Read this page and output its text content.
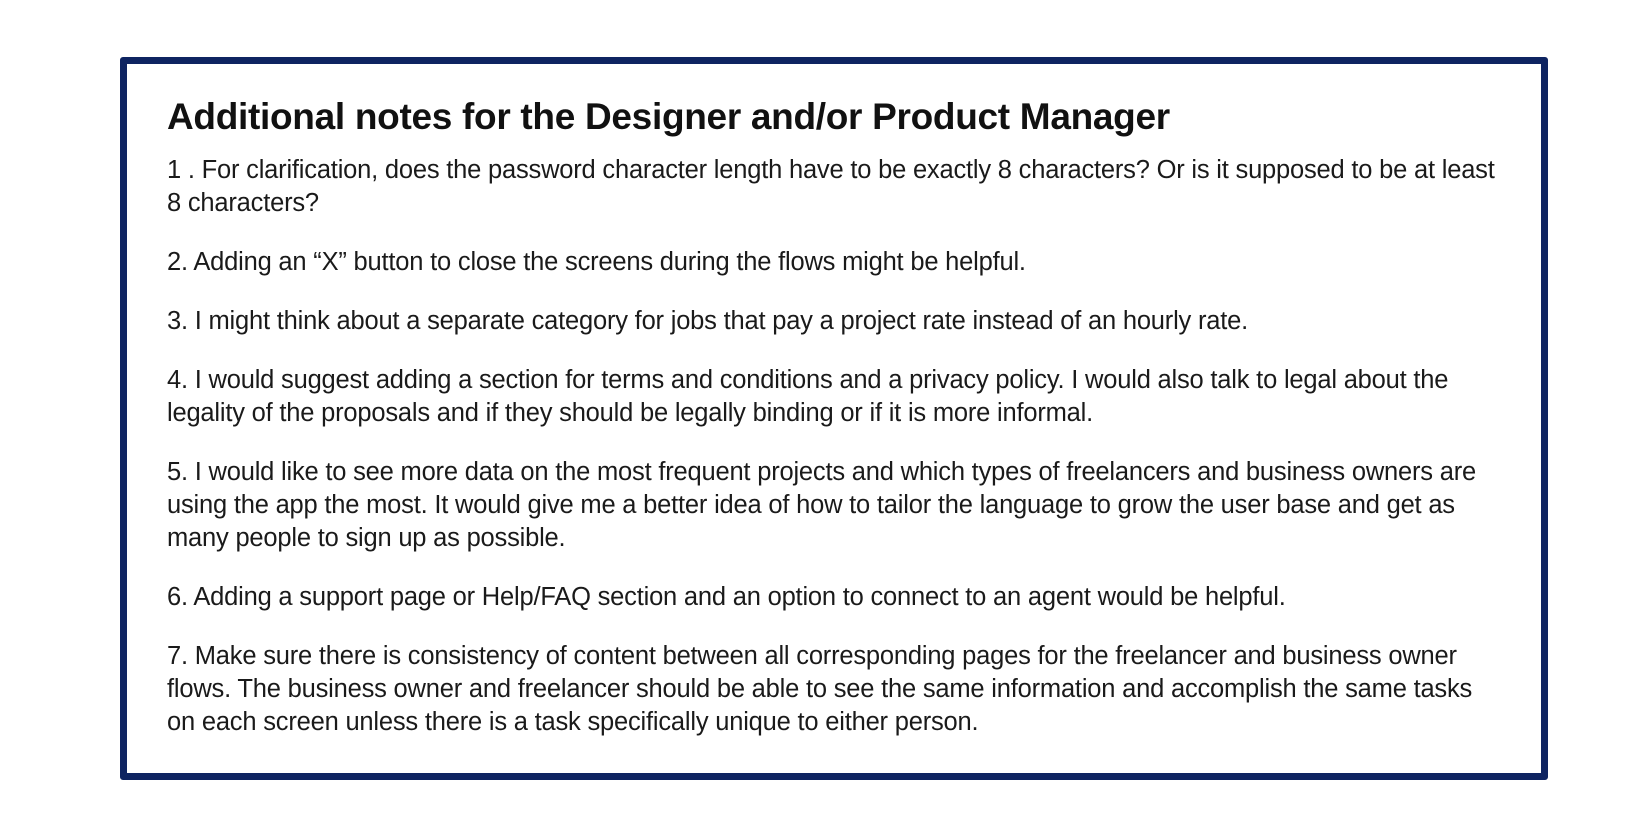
Additional notes for the Designer and/or Product Manager
1 . For clarification, does the password character length have to be exactly 8 characters? Or is it supposed to be at least 8 characters?
2. Adding an “X” button to close the screens during the flows might be helpful.
3. I might think about a separate category for jobs that pay a project rate instead of an hourly rate.
4. I would suggest adding a section for terms and conditions and a privacy policy. I would also talk to legal about the legality of the proposals and if they should be legally binding or if it is more informal.
5. I would like to see more data on the most frequent projects and which types of freelancers and business owners are using the app the most. It would give me a better idea of how to tailor the language to grow the user base and get as many people to sign up as possible.
6. Adding a support page or Help/FAQ section and an option to connect to an agent would be helpful.
7. Make sure there is consistency of content between all corresponding pages for the freelancer and business owner flows. The business owner and freelancer should be able to see the same information and accomplish the same tasks on each screen unless there is a task specifically unique to either person.
